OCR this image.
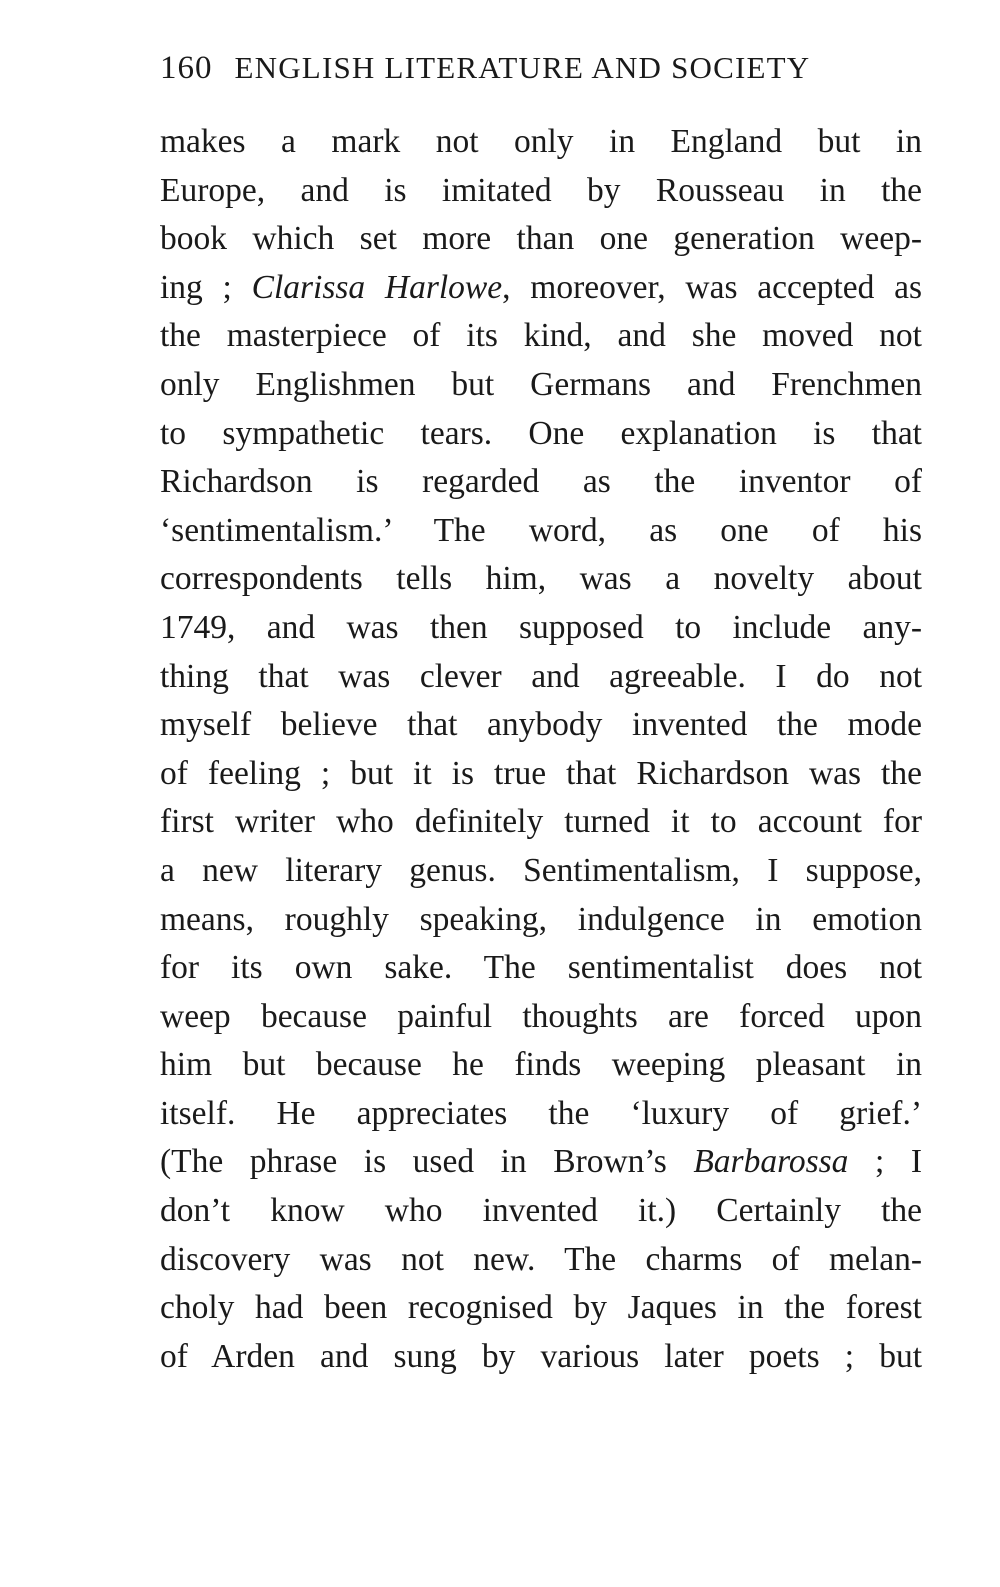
160 ENGLISH LITERATURE AND SOCIETY
makes a mark not only in England but in
Europe, and is imitated by Rousseau in the
book which set more than one generation weep-
ing ; Clarissa Harlowe, moreover, was accepted as
the masterpiece of its kind, and she moved not
only Englishmen but Germans and Frenchmen
to sympathetic tears. One explanation is that
Richardson is regarded as the inventor of
‘sentimentalism.’ The word, as one of his
correspondents tells him, was a novelty about
1749, and was then supposed to include any-
thing that was clever and agreeable. I do not
myself believe that anybody invented the mode
of feeling ; but it is true that Richardson was the
first writer who definitely turned it to account for
a new literary genus. Sentimentalism, I suppose,
means, roughly speaking, indulgence in emotion
for its own sake. The sentimentalist does not
weep because painful thoughts are forced upon
him but because he finds weeping pleasant in
itself. He appreciates the ‘luxury of grief.’
(The phrase is used in Brown’s Barbarossa ; I
don’t know who invented it.) Certainly the
discovery was not new. The charms of melan-
choly had been recognised by Jaques in the forest
of Arden and sung by various later poets ; but
